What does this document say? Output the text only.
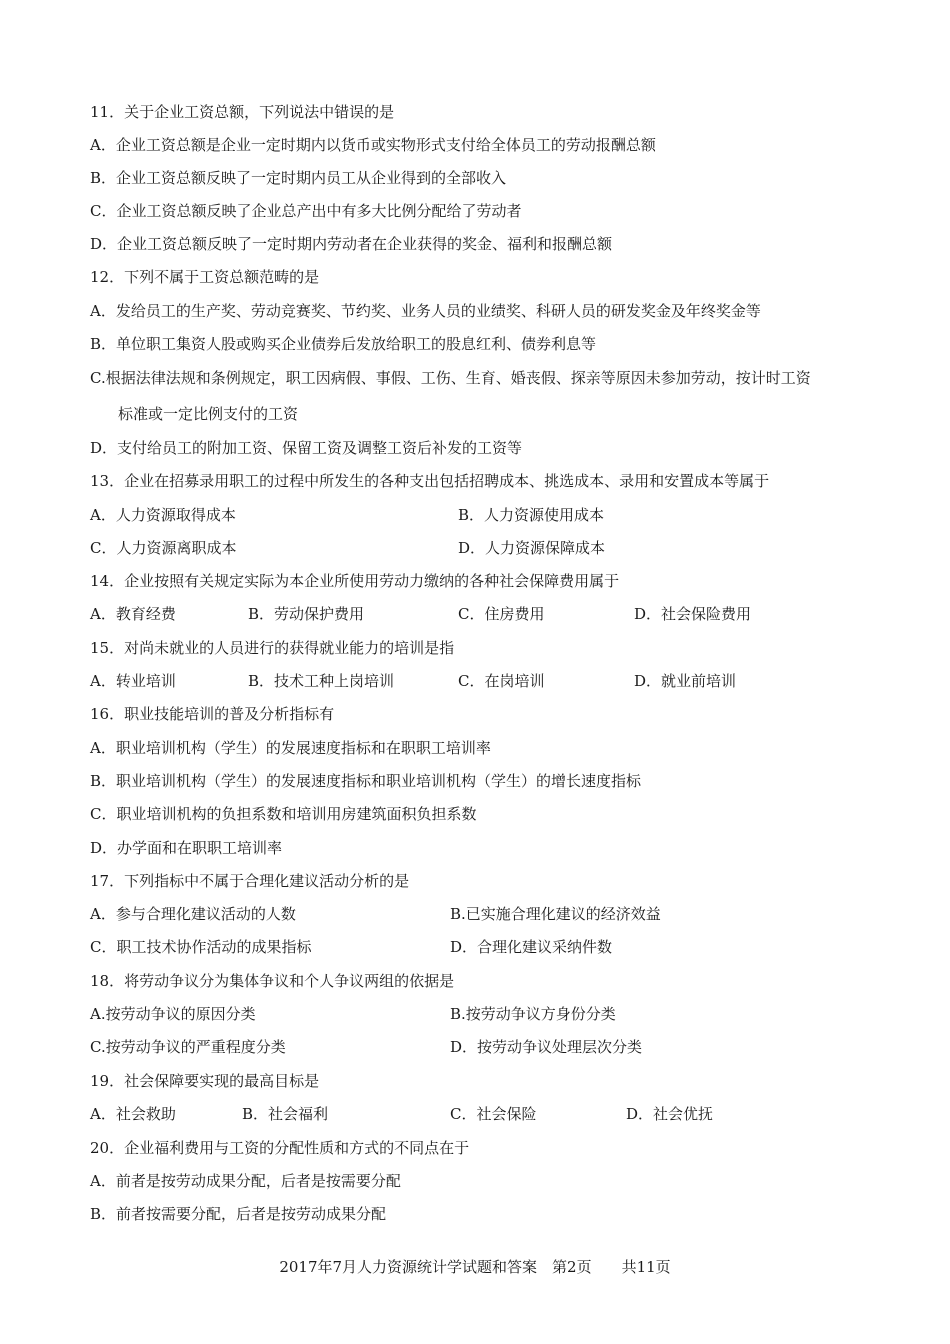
11．关于企业工资总额，下列说法中错误的是
A．企业工资总额是企业一定时期内以货币或实物形式支付给全体员工的劳动报酬总额
B．企业工资总额反映了一定时期内员工从企业得到的全部收入
C．企业工资总额反映了企业总产出中有多大比例分配给了劳动者
D．企业工资总额反映了一定时期内劳动者在企业获得的奖金、福利和报酬总额
12．下列不属于工资总额范畴的是
A．发给员工的生产奖、劳动竞赛奖、节约奖、业务人员的业绩奖、科研人员的研发奖金及年终奖金等
B．单位职工集资人股或购买企业债券后发放给职工的股息红利、债券利息等
C.根据法律法规和条例规定，职工因病假、事假、工伤、生育、婚丧假、探亲等原因未参加劳动，按计时工资
标准或一定比例支付的工资
D．支付给员工的附加工资、保留工资及调整工资后补发的工资等
13．企业在招募录用职工的过程中所发生的各种支出包括招聘成本、挑选成本、录用和安置成本等属于
A．人力资源取得成本	B．人力资源使用成本
C．人力资源离职成本	D．人力资源保障成本
14．企业按照有关规定实际为本企业所使用劳动力缴纳的各种社会保障费用属于
A．教育经费	B．劳动保护费用	C．住房费用	D．社会保险费用
15．对尚未就业的人员进行的获得就业能力的培训是指
A．转业培训	B．技术工种上岗培训	C．在岗培训	D．就业前培训
16．职业技能培训的普及分析指标有
A．职业培训机构（学生）的发展速度指标和在职职工培训率
B．职业培训机构（学生）的发展速度指标和职业培训机构（学生）的增长速度指标
C．职业培训机构的负担系数和培训用房建筑面积负担系数
D．办学面和在职职工培训率
17．下列指标中不属于合理化建议活动分析的是
A．参与合理化建议活动的人数	B.已实施合理化建议的经济效益
C．职工技术协作活动的成果指标	D．合理化建议采纳件数
18．将劳动争议分为集体争议和个人争议两组的依据是
A.按劳动争议的原因分类	B.按劳动争议方身份分类
C.按劳动争议的严重程度分类	D．按劳动争议处理层次分类
19．社会保障要实现的最高目标是
A．社会救助	B．社会福利	C．社会保险	D．社会优抚
20．企业福利费用与工资的分配性质和方式的不同点在于
A．前者是按劳动成果分配，后者是按需要分配
B．前者按需要分配，后者是按劳动成果分配
2017年7月人力资源统计学试题和答案　第2页　　共11页
